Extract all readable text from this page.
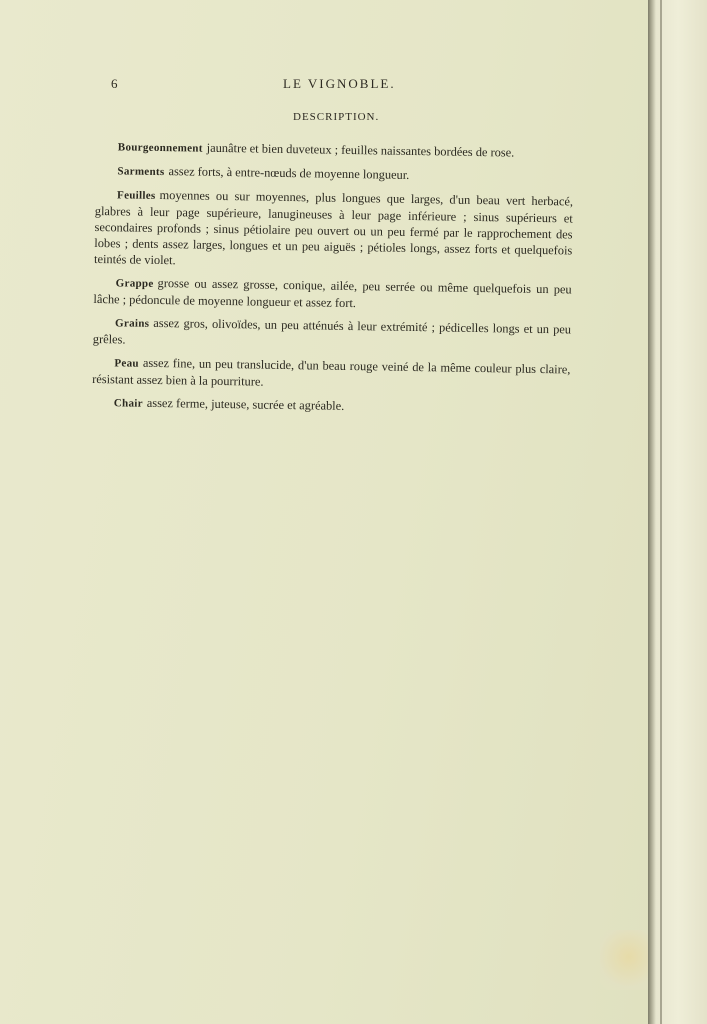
6	LE VIGNOBLE.
DESCRIPTION.

Bourgeonnement jaunâtre et bien duveteux ; feuilles naissantes bordées de rose.

Sarments assez forts, à entre-nœuds de moyenne longueur.

Feuilles moyennes ou sur moyennes, plus longues que larges, d'un beau vert herbacé, glabres à leur page supérieure, lanugineuses à leur page inférieure ; sinus supérieurs et secondaires profonds ; sinus pétiolaire peu ouvert ou un peu fermé par le rapprochement des lobes ; dents assez larges, longues et un peu aiguës ; pétioles longs, assez forts et quelquefois teintés de violet.

Grappe grosse ou assez grosse, conique, ailée, peu serrée ou même quelquefois un peu lâche ; pédoncule de moyenne longueur et assez fort.

Grains assez gros, olivoïdes, un peu atténués à leur extrémité ; pédicelles longs et un peu grêles.

Peau assez fine, un peu translucide, d'un beau rouge veiné de la même couleur plus claire, résistant assez bien à la pourriture.

Chair assez ferme, juteuse, sucrée et agréable.
